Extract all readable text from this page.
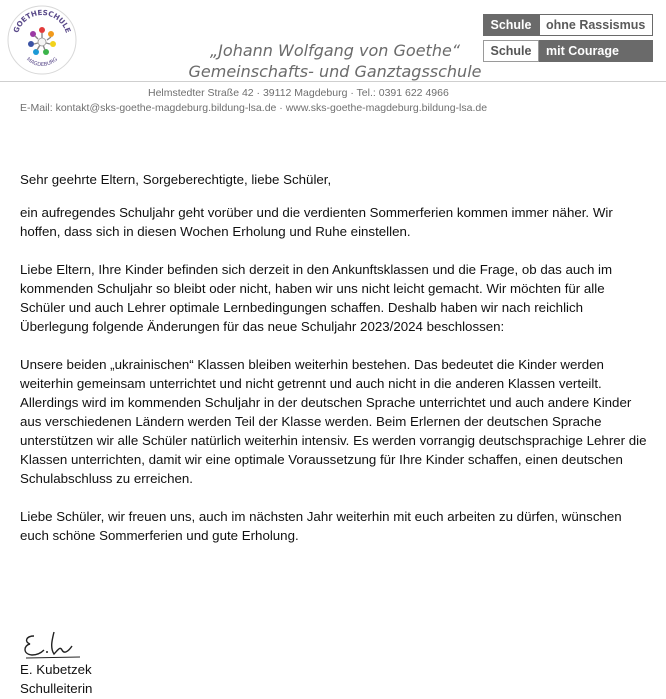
GOETHESCHULE
MAGDEBURG
„Johann Wolfgang von Goethe“
Gemeinschafts- und Ganztagsschule
Schule	ohne Rassismus
Schule	mit Courage
Helmstedter Straße 42 · 39112 Magdeburg · Tel.: 0391 622 4966
E-Mail: kontakt@sks-goethe-magdeburg.bildung-lsa.de · www.sks-goethe-magdeburg.bildung-lsa.de

Sehr geehrte Eltern, Sorgeberechtigte, liebe Schüler,

ein aufregendes Schuljahr geht vorüber und die verdienten Sommerferien kommen immer näher. Wir hoffen, dass sich in diesen Wochen Erholung und Ruhe einstellen.

Liebe Eltern, Ihre Kinder befinden sich derzeit in den Ankunftsklassen und die Frage, ob das auch im kommenden Schuljahr so bleibt oder nicht, haben wir uns nicht leicht gemacht. Wir möchten für alle Schüler und auch Lehrer optimale Lernbedingungen schaffen. Deshalb haben wir nach reichlich Überlegung folgende Änderungen für das neue Schuljahr 2023/2024 beschlossen:

Unsere beiden „ukrainischen“ Klassen bleiben weiterhin bestehen. Das bedeutet die Kinder werden weiterhin gemeinsam unterrichtet und nicht getrennt und auch nicht in die anderen Klassen verteilt. Allerdings wird im kommenden Schuljahr in der deutschen Sprache unterrichtet und auch andere Kinder aus verschiedenen Ländern werden Teil der Klasse werden. Beim Erlernen der deutschen Sprache unterstützen wir alle Schüler natürlich weiterhin intensiv. Es werden vorrangig deutschsprachige Lehrer die Klassen unterrichten, damit wir eine optimale Voraussetzung für Ihre Kinder schaffen, einen deutschen Schulabschluss zu erreichen.

Liebe Schüler, wir freuen uns, auch im nächsten Jahr weiterhin mit euch arbeiten zu dürfen, wünschen euch schöne Sommerferien und gute Erholung.

E. Kubetzek
Schulleiterin
